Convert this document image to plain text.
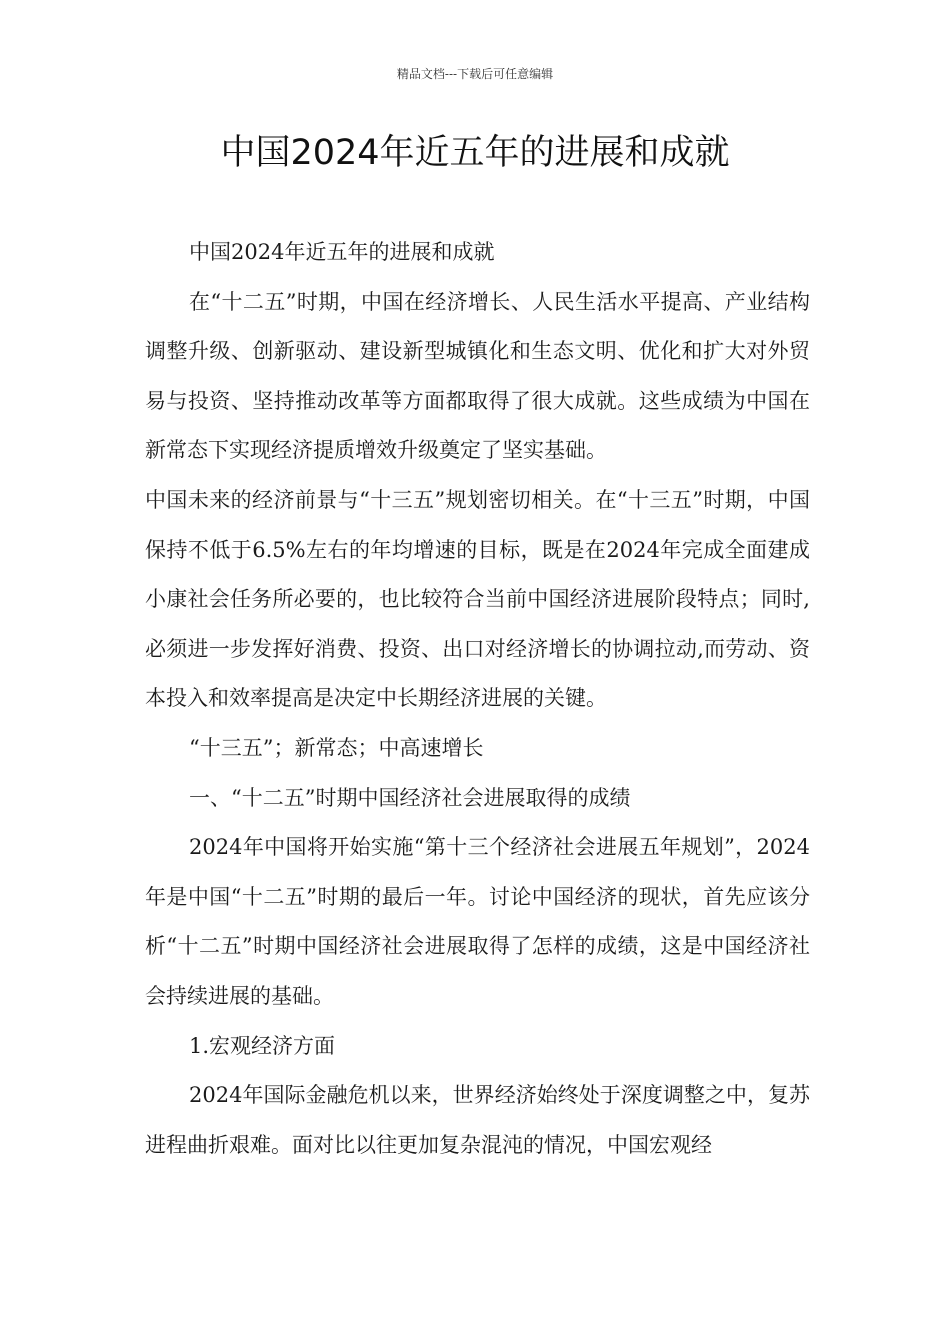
精品文档---下载后可任意编辑
中国2024年近五年的进展和成就

中国2024年近五年的进展和成就

在“十二五”时期，中国在经济增长、人民生活水平提高、产业结构调整升级、创新驱动、建设新型城镇化和生态文明、优化和扩大对外贸易与投资、坚持推动改革等方面都取得了很大成就。这些成绩为中国在新常态下实现经济提质增效升级奠定了坚实基础。

中国未来的经济前景与“十三五”规划密切相关。在“十三五”时期，中国保持不低于6.5%左右的年均增速的目标，既是在2024年完成全面建成小康社会任务所必要的，也比较符合当前中国经济进展阶段特点；同时,必须进一步发挥好消费、投资、出口对经济增长的协调拉动,而劳动、资本投入和效率提高是决定中长期经济进展的关键。

“十三五”；新常态；中高速增长

一、“十二五”时期中国经济社会进展取得的成绩

2024年中国将开始实施“第十三个经济社会进展五年规划”，2024年是中国“十二五”时期的最后一年。讨论中国经济的现状，首先应该分析“十二五”时期中国经济社会进展取得了怎样的成绩，这是中国经济社会持续进展的基础。

1.宏观经济方面

2024年国际金融危机以来，世界经济始终处于深度调整之中，复苏进程曲折艰难。面对比以往更加复杂混沌的情况，中国宏观经
